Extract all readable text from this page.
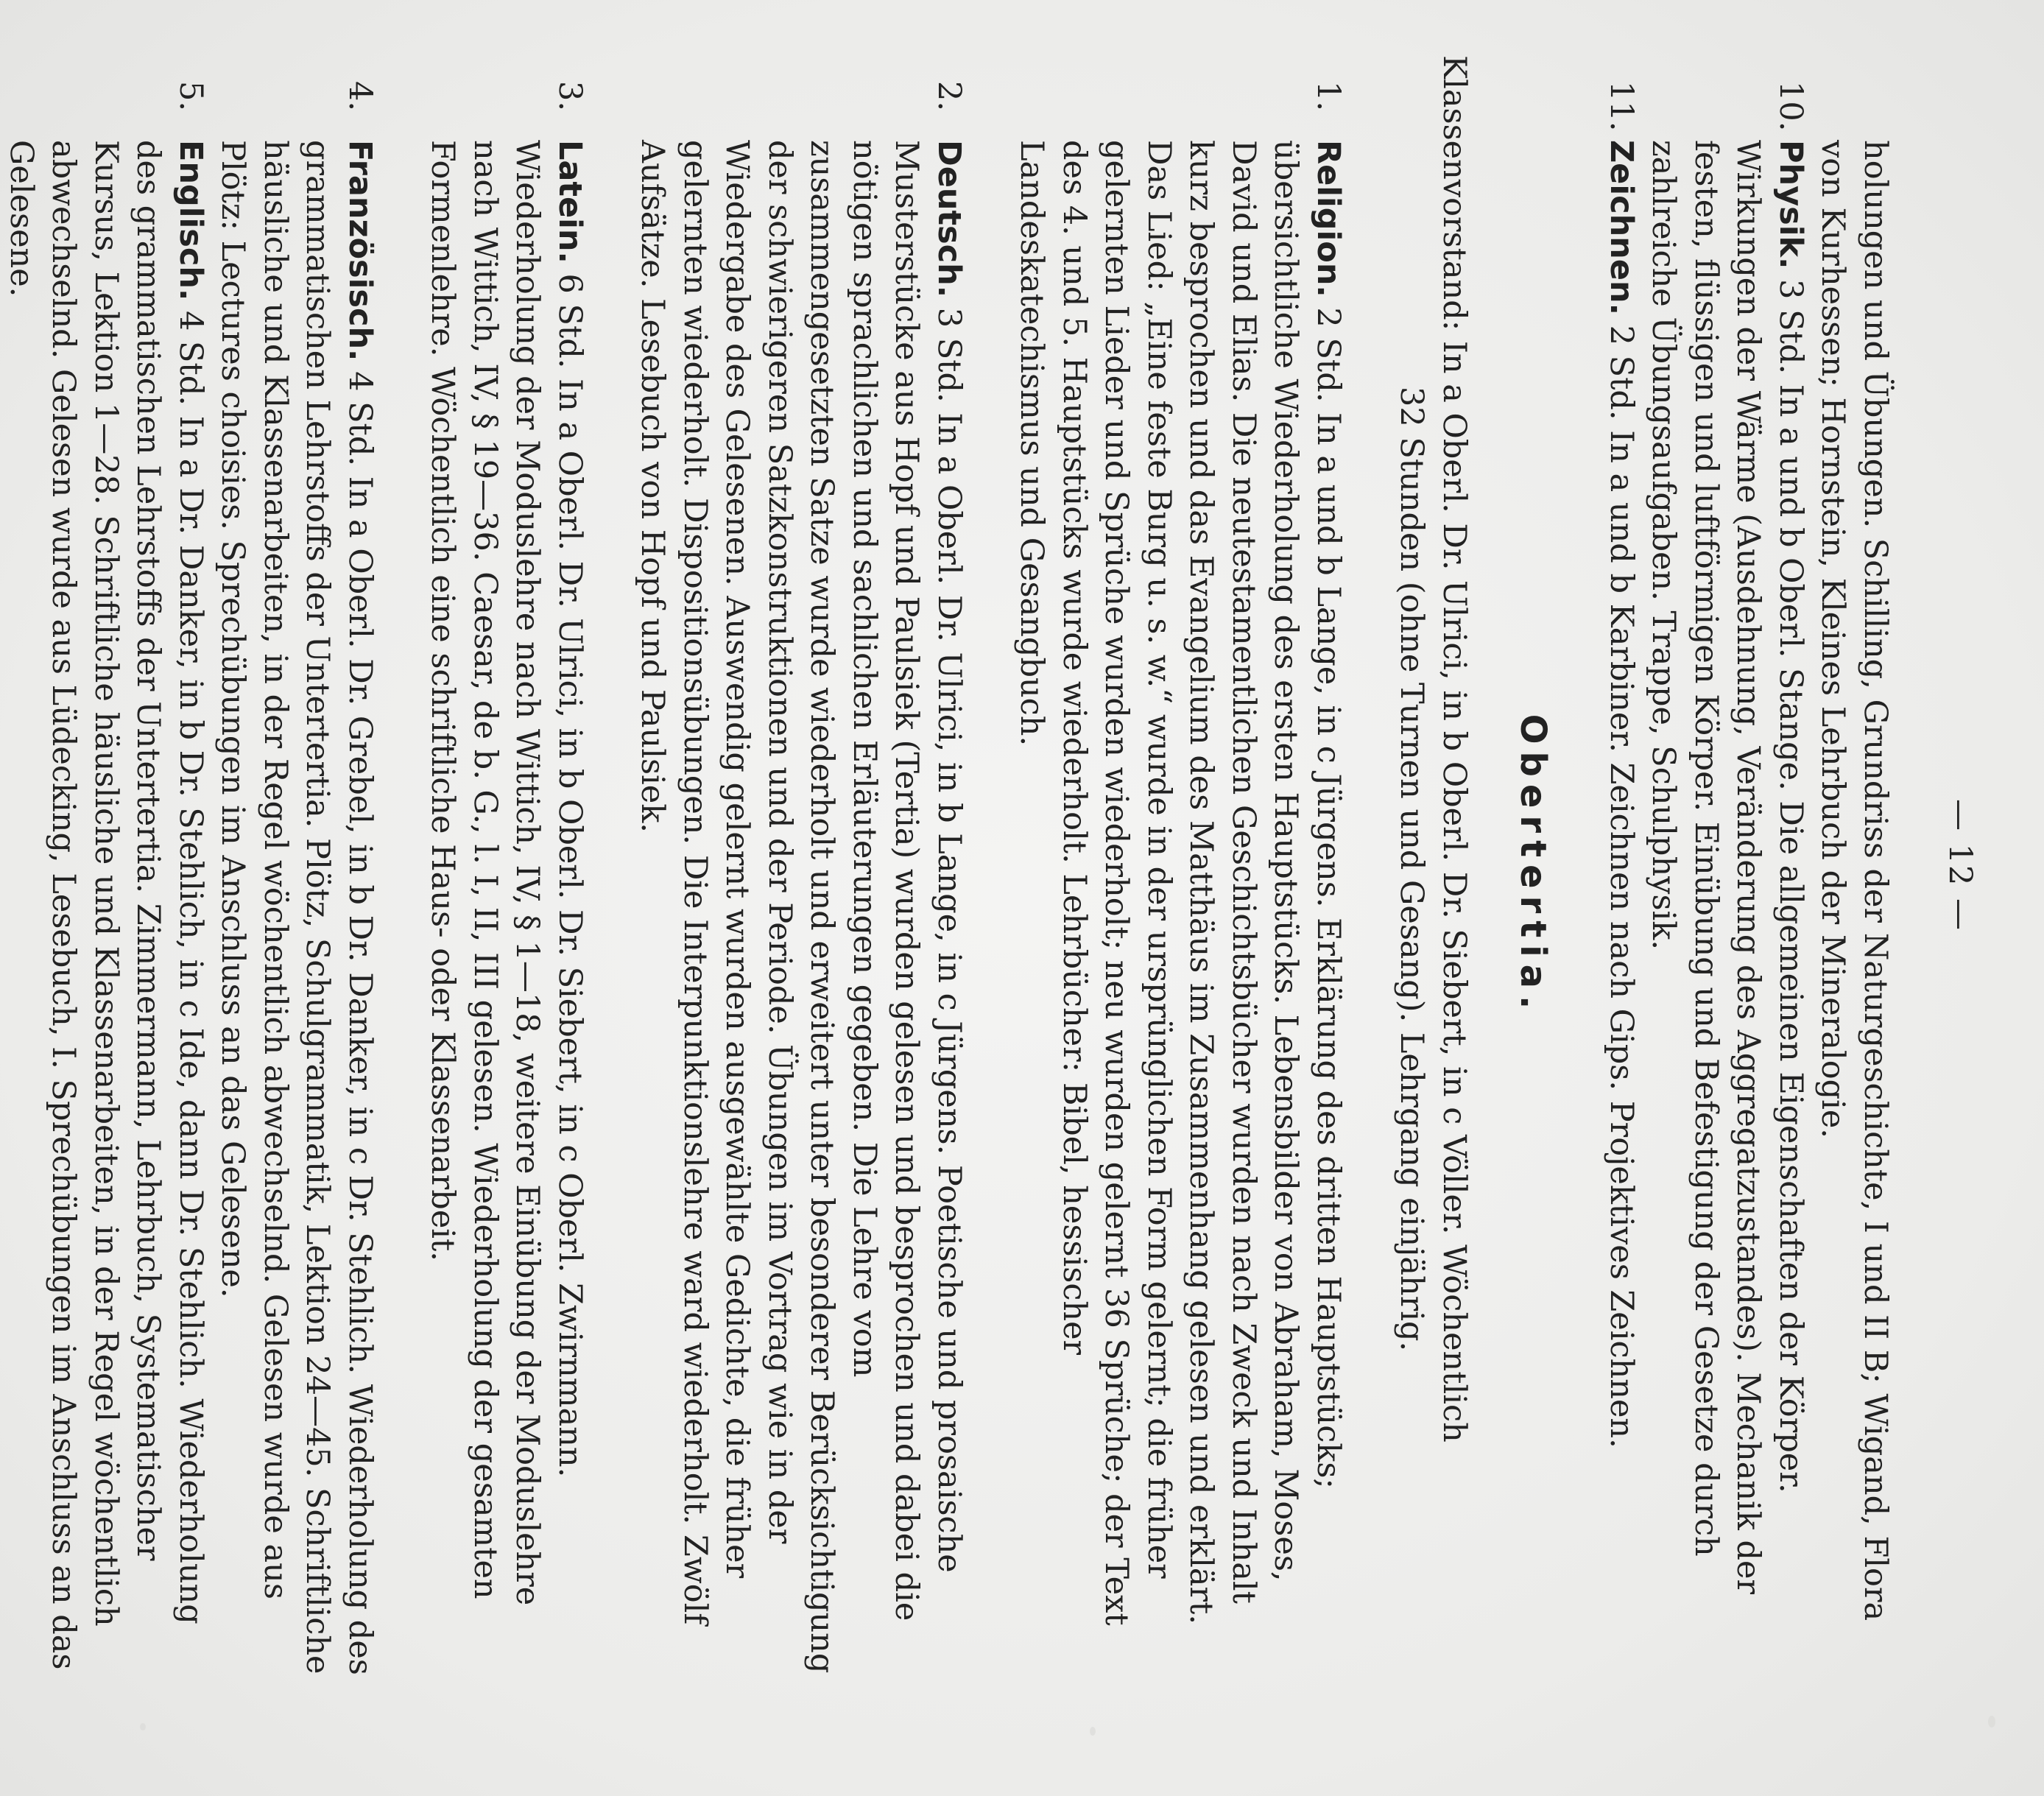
— 12 —

holungen und Übungen. Schilling, Grundriss der Naturgeschichte, I und II B; Wigand, Flora von Kurhessen; Hornstein, Kleines Lehrbuch der Mineralogie.

10.Physik. 3 Std. In a und b Oberl. Stange. Die allgemeinen Eigenschaften der Körper. Wirkungen der Wärme (Ausdehnung, Veränderung des Aggregatzustandes). Mechanik der festen, flüssigen und luftförmigen Körper. Einübung und Befestigung der Gesetze durch zahlreiche Übungsaufgaben. Trappe, Schulphysik.

11.Zeichnen. 2 Std. In a und b Karbiner. Zeichnen nach Gips. Projektives Zeichnen.

Obertertia.

Klassenvorstand: In a Oberl. Dr. Ulrici, in b Oberl. Dr. Siebert, in c Völler. Wöchentlich
32 Stunden (ohne Turnen und Gesang). Lehrgang einjährig.

1.Religion. 2 Std. In a und b Lange, in c Jürgens. Erklärung des dritten Hauptstücks; übersichtliche Wiederholung des ersten Hauptstücks. Lebensbilder von Abraham, Moses, David und Elias. Die neutestamentlichen Geschichtsbücher wurden nach Zweck und Inhalt kurz besprochen und das Evangelium des Matthäus im Zusammenhang gelesen und erklärt. Das Lied: „Eine feste Burg u. s. w.“ wurde in der ursprünglichen Form gelernt; die früher gelernten Lieder und Sprüche wurden wiederholt; neu wurden gelernt 36 Sprüche; der Text des 4. und 5. Hauptstücks wurde wiederholt. Lehrbücher: Bibel, hessischer Landeskatechismus und Gesangbuch.

2.Deutsch. 3 Std. In a Oberl. Dr. Ulrici, in b Lange, in c Jürgens. Poetische und prosaische Musterstücke aus Hopf und Paulsiek (Tertia) wurden gelesen und besprochen und dabei die nötigen sprachlichen und sachlichen Erläuterungen gegeben. Die Lehre vom zusammengesetzten Satze wurde wiederholt und erweitert unter besonderer Berücksichtigung der schwierigeren Satzkonstruktionen und der Periode. Übungen im Vortrag wie in der Wiedergabe des Gelesenen. Auswendig gelernt wurden ausgewählte Gedichte, die früher gelernten wiederholt. Dispositionsübungen. Die Interpunktionslehre ward wiederholt. Zwölf Aufsätze. Lesebuch von Hopf und Paulsiek.

3.Latein. 6 Std. In a Oberl. Dr. Ulrici, in b Oberl. Dr. Siebert, in c Oberl. Zwirnmann. Wiederholung der Moduslehre nach Wittich, IV, § 1—18, weitere Einübung der Moduslehre nach Wittich, IV, § 19—36. Caesar, de b. G., l. I, II, III gelesen. Wiederholung der gesamten Formenlehre. Wöchentlich eine schriftliche Haus- oder Klassenarbeit.

4.Französisch. 4 Std. In a Oberl. Dr. Grebel, in b Dr. Danker, in c Dr. Stehlich. Wiederholung des grammatischen Lehrstoffs der Untertertia. Plötz, Schulgrammatik, Lektion 24—45. Schriftliche häusliche und Klassenarbeiten, in der Regel wöchentlich abwechselnd. Gelesen wurde aus Plötz: Lectures choisies. Sprechübungen im Anschluss an das Gelesene.

5.Englisch. 4 Std. In a Dr. Danker, in b Dr. Stehlich, in c Ide, dann Dr. Stehlich. Wiederholung des grammatischen Lehrstoffs der Untertertia. Zimmermann, Lehrbuch, Systematischer Kursus, Lektion 1—28. Schriftliche häusliche und Klassenarbeiten, in der Regel wöchentlich abwechselnd. Gelesen wurde aus Lüdecking, Lesebuch, I. Sprechübungen im Anschluss an das Gelesene.
